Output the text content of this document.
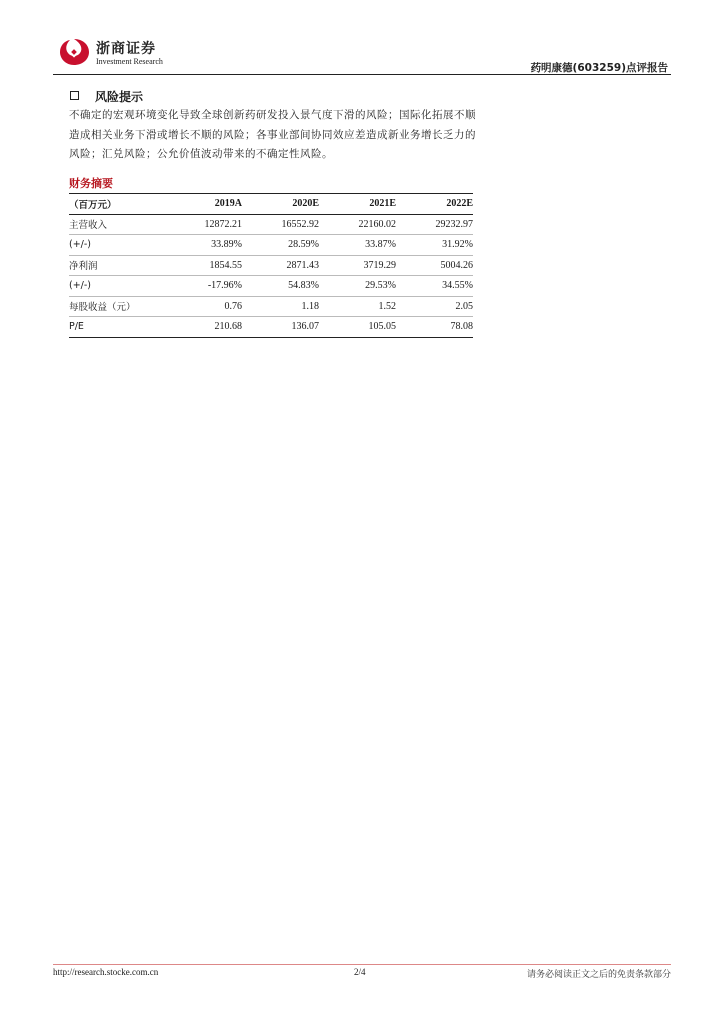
浙商证券
Investment Research
药明康德(603259)点评报告
风险提示
不确定的宏观环境变化导致全球创新药研发投入景气度下滑的风险；国际化拓展不顺造成相关业务下滑或增长不顺的风险；各事业部间协同效应差造成新业务增长乏力的风险；汇兑风险；公允价值波动带来的不确定性风险。
财务摘要
（百万元）	2019A	2020E	2021E	2022E
主营收入	12872.21	16552.92	22160.02	29232.97
(+/-)	33.89%	28.59%	33.87%	31.92%
净利润	1854.55	2871.43	3719.29	5004.26
(+/-)	-17.96%	54.83%	29.53%	34.55%
每股收益（元）	0.76	1.18	1.52	2.05
P/E	210.68	136.07	105.05	78.08
http://research.stocke.com.cn	2/4	请务必阅读正文之后的免责条款部分
